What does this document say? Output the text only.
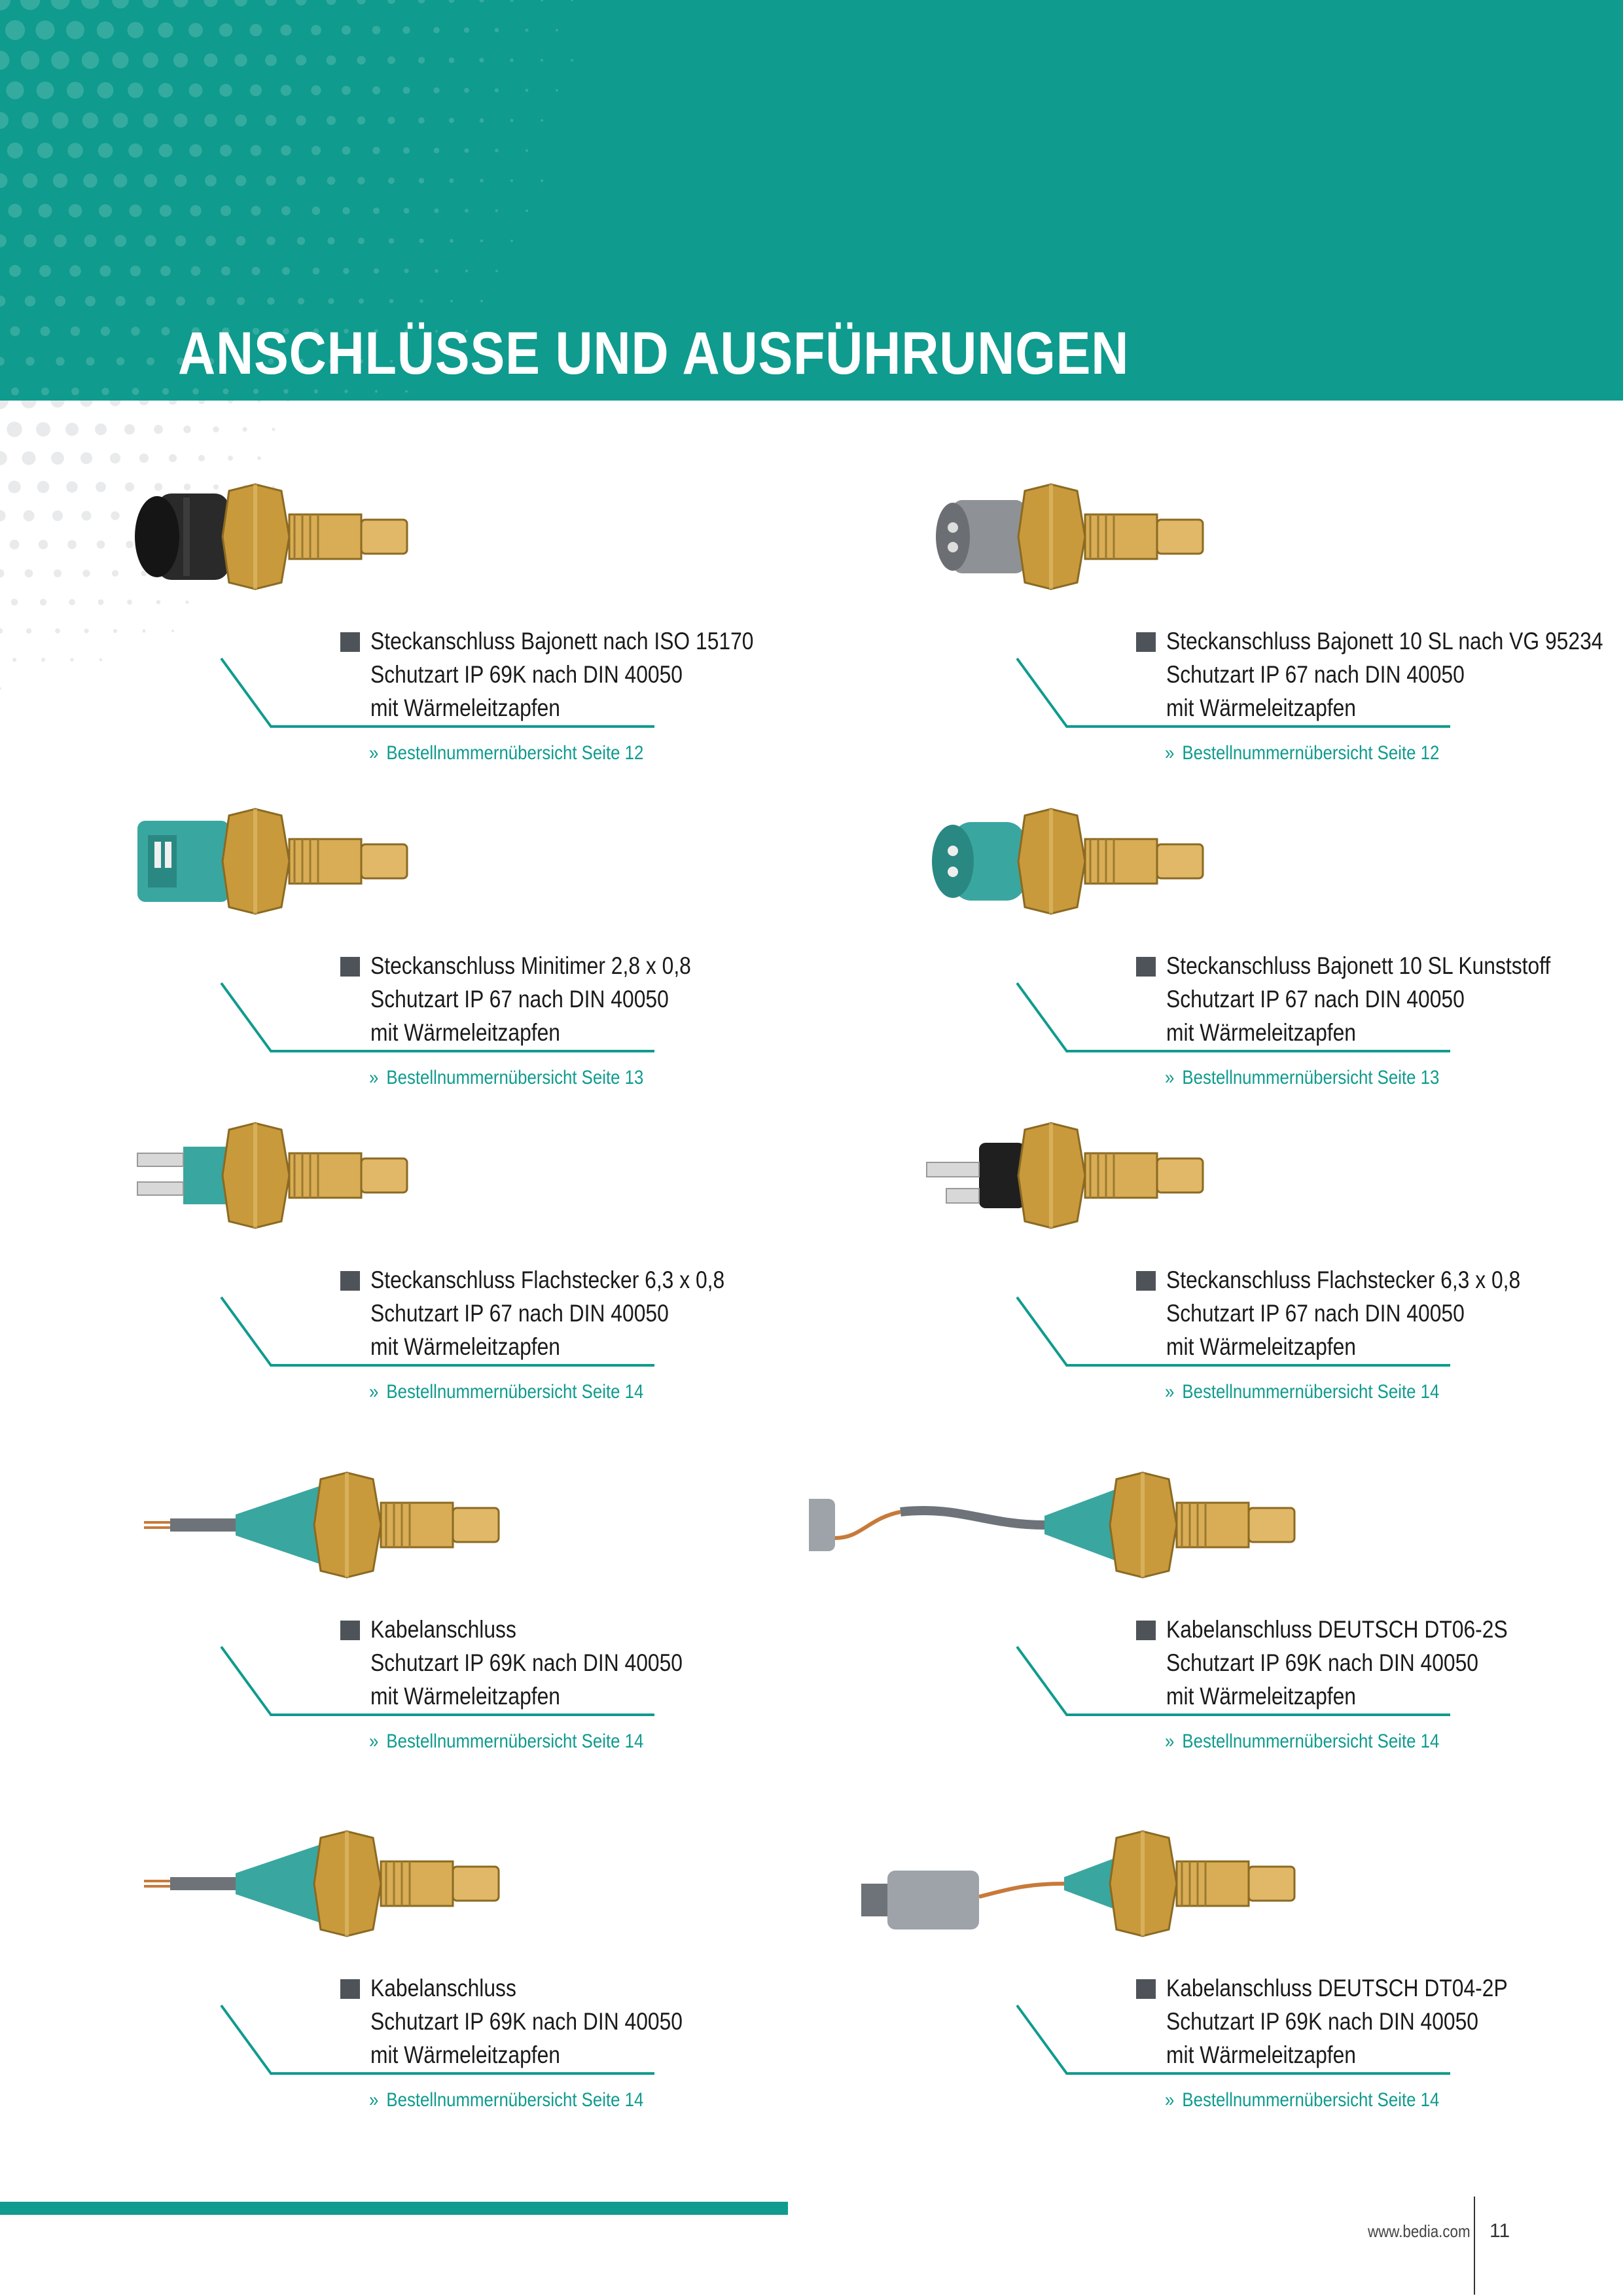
ANSCHLÜSSE UND AUSFÜHRUNGEN
Steckanschluss Bajonett nach ISO 15170
Schutzart IP 69K nach DIN 40050
mit Wärmeleitzapfen
» Bestellnummernübersicht Seite 12
Steckanschluss Bajonett 10 SL nach VG 95234
Schutzart IP 67 nach DIN 40050
mit Wärmeleitzapfen
» Bestellnummernübersicht Seite 12
Steckanschluss Minitimer 2,8 x 0,8
Schutzart IP 67 nach DIN 40050
mit Wärmeleitzapfen
» Bestellnummernübersicht Seite 13
Steckanschluss Bajonett 10 SL Kunststoff
Schutzart IP 67 nach DIN 40050
mit Wärmeleitzapfen
» Bestellnummernübersicht Seite 13
Steckanschluss Flachstecker 6,3 x 0,8
Schutzart IP 67 nach DIN 40050
mit Wärmeleitzapfen
» Bestellnummernübersicht Seite 14
Steckanschluss Flachstecker 6,3 x 0,8
Schutzart IP 67 nach DIN 40050
mit Wärmeleitzapfen
» Bestellnummernübersicht Seite 14
Kabelanschluss
Schutzart IP 69K nach DIN 40050
mit Wärmeleitzapfen
» Bestellnummernübersicht Seite 14
Kabelanschluss DEUTSCH DT06-2S
Schutzart IP 69K nach DIN 40050
mit Wärmeleitzapfen
» Bestellnummernübersicht Seite 14
Kabelanschluss
Schutzart IP 69K nach DIN 40050
mit Wärmeleitzapfen
» Bestellnummernübersicht Seite 14
Kabelanschluss DEUTSCH DT04-2P
Schutzart IP 69K nach DIN 40050
mit Wärmeleitzapfen
» Bestellnummernübersicht Seite 14
www.bedia.com 11
